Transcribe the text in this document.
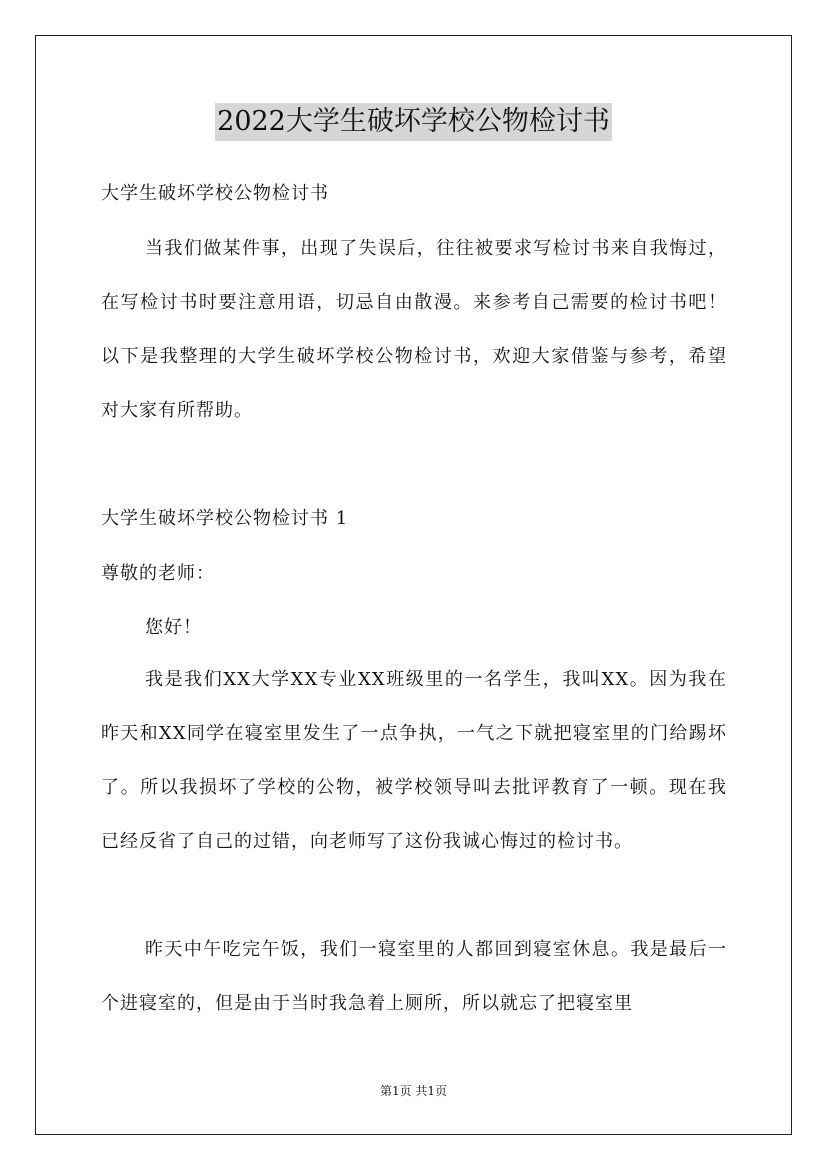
2022大学生破坏学校公物检讨书
大学生破坏学校公物检讨书

当我们做某件事，出现了失误后，往往被要求写检讨书来自我悔过，在写检讨书时要注意用语，切忌自由散漫。来参考自己需要的检讨书吧！以下是我整理的大学生破坏学校公物检讨书，欢迎大家借鉴与参考，希望对大家有所帮助。

大学生破坏学校公物检讨书 1
尊敬的老师：
您好！

我是我们XX大学XX专业XX班级里的一名学生，我叫XX。因为我在昨天和XX同学在寝室里发生了一点争执，一气之下就把寝室里的门给踢坏了。所以我损坏了学校的公物，被学校领导叫去批评教育了一顿。现在我已经反省了自己的过错，向老师写了这份我诚心悔过的检讨书。

昨天中午吃完午饭，我们一寝室里的人都回到寝室休息。我是最后一个进寝室的，但是由于当时我急着上厕所，所以就忘了把寝室里

第1页 共1页
